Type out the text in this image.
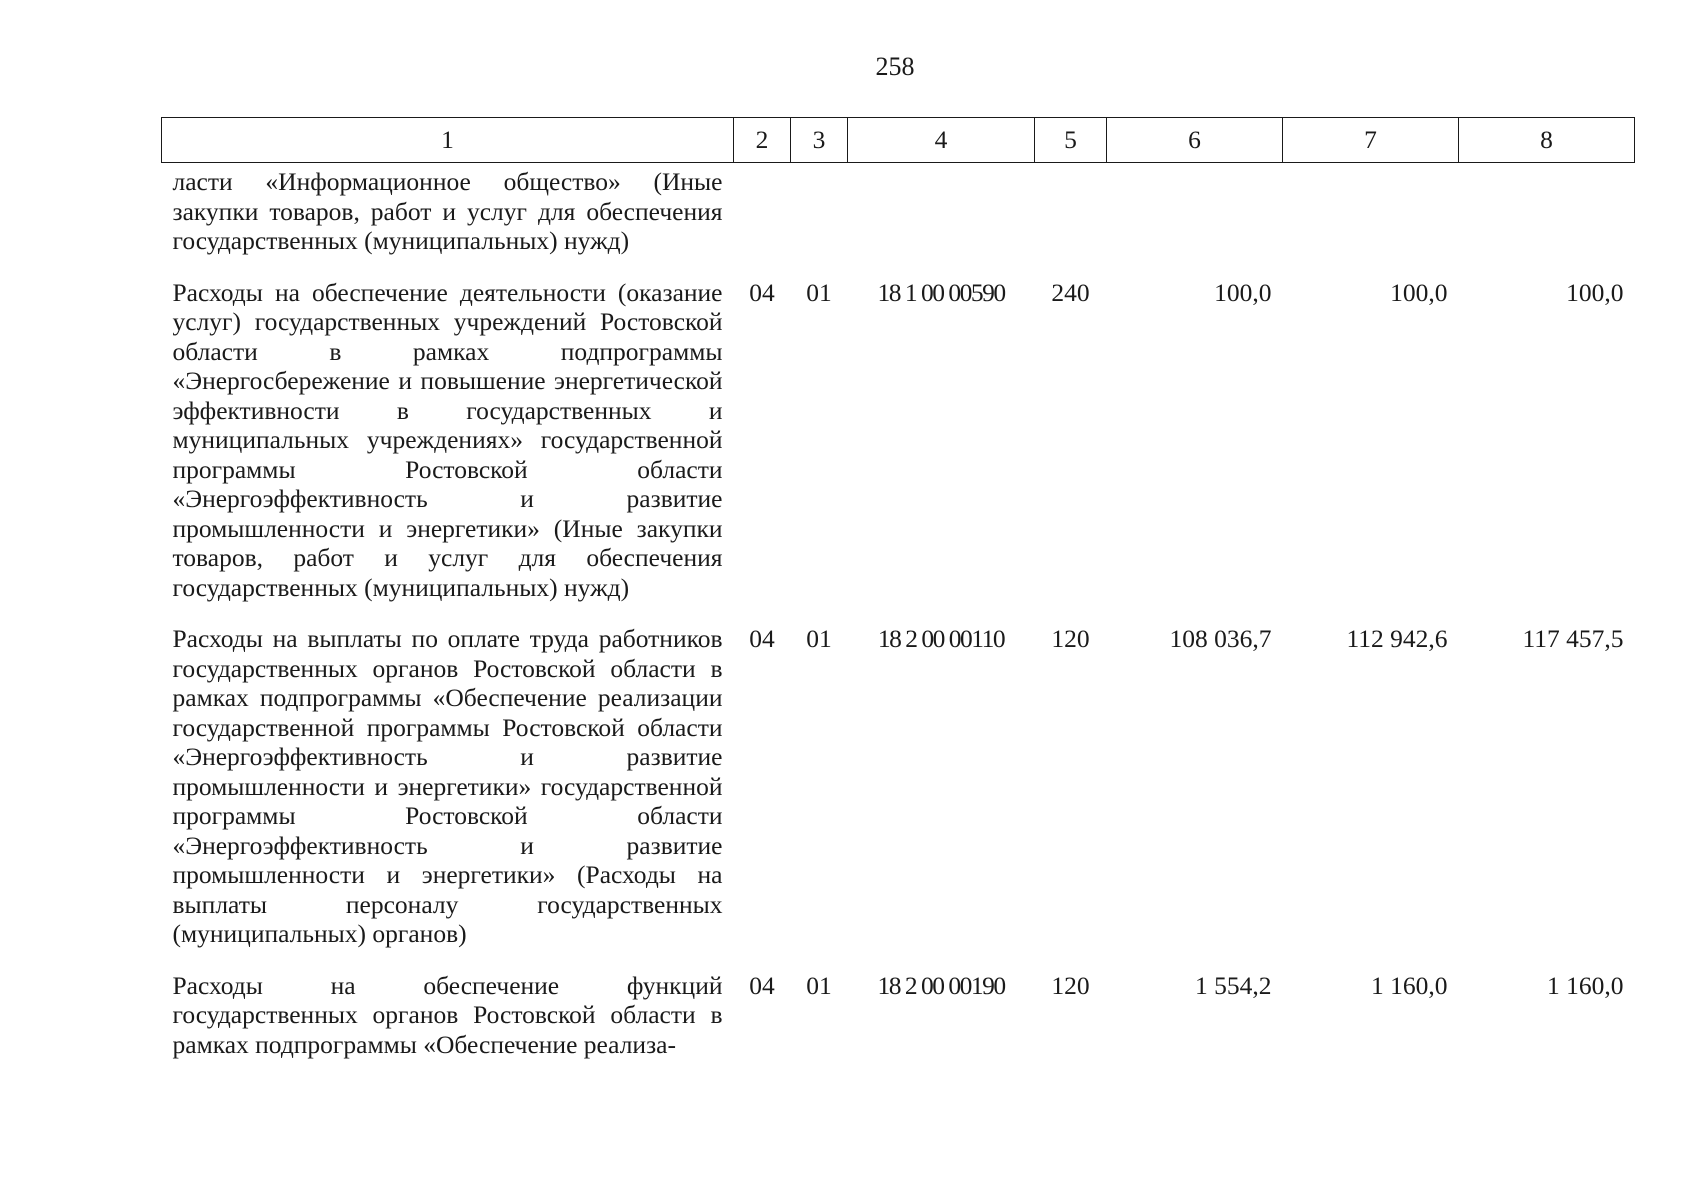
258
1	2	3	4	5	6	7	8
ласти «Информационное общество» (Иные закупки товаров, работ и услуг для обеспечения государственных (муниципальных) нужд)							
Расходы на обеспечение деятельности (оказание услуг) государственных учреждений Ростовской области в рамках подпрограммы «Энергосбережение и повышение энергетической эффективности в государственных и муниципальных учреждениях» государственной программы Ростовской области «Энергоэффективность и развитие промышленности и энергетики» (Иные закупки товаров, работ и услуг для обеспечения государственных (муниципальных) нужд)	04	01	18 1 00 00590	240	100,0	100,0	100,0
Расходы на выплаты по оплате труда работников государственных органов Ростовской области в рамках подпрограммы «Обеспечение реализации государственной программы Ростовской области «Энергоэффективность и развитие промышленности и энергетики» государственной программы Ростовской области «Энергоэффективность и развитие промышленности и энергетики» (Расходы на выплаты персоналу государственных (муниципальных) органов)	04	01	18 2 00 00110	120	108 036,7	112 942,6	117 457,5
Расходы на обеспечение функций государственных органов Ростовской области в рамках подпрограммы «Обеспечение реализа-	04	01	18 2 00 00190	120	1 554,2	1 160,0	1 160,0
